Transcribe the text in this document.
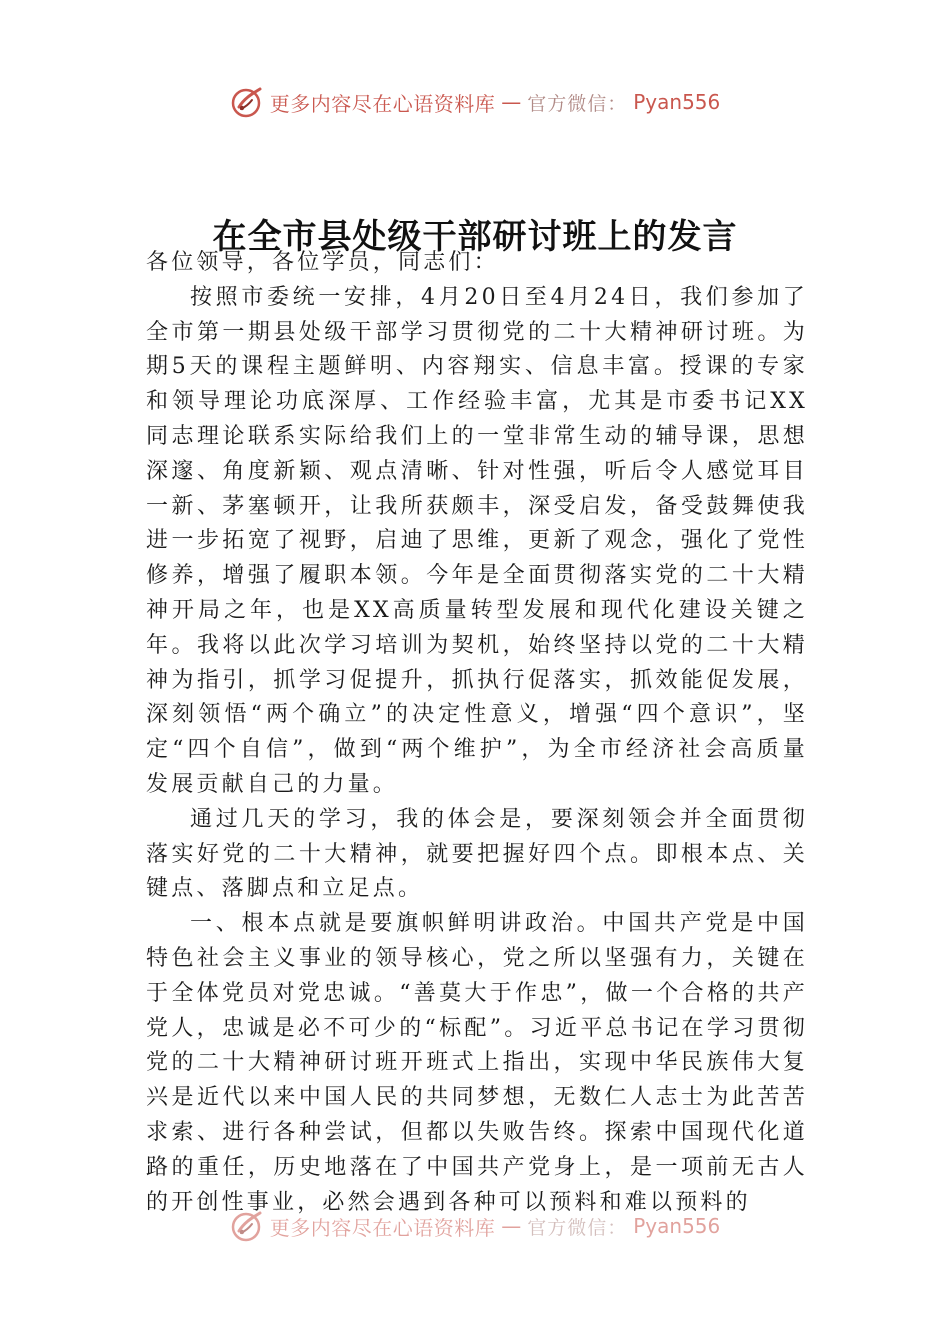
更多内容尽在心语资料库 — 官方微信： Pyan556
在全市县处级干部研讨班上的发言

各位领导，各位学员，同志们：

按照市委统一安排，4月20日至4月24日，我们参加了全市第一期县处级干部学习贯彻党的二十大精神研讨班。为期5天的课程主题鲜明、内容翔实、信息丰富。授课的专家和领导理论功底深厚、工作经验丰富，尤其是市委书记XX同志理论联系实际给我们上的一堂非常生动的辅导课，思想深邃、角度新颖、观点清晰、针对性强，听后令人感觉耳目一新、茅塞顿开，让我所获颇丰，深受启发，备受鼓舞使我进一步拓宽了视野，启迪了思维，更新了观念，强化了党性修养，增强了履职本领。今年是全面贯彻落实党的二十大精神开局之年，也是XX高质量转型发展和现代化建设关键之年。我将以此次学习培训为契机，始终坚持以党的二十大精神为指引，抓学习促提升，抓执行促落实，抓效能促发展，深刻领悟“两个确立”的决定性意义，增强“四个意识”，坚定“四个自信”，做到“两个维护”，为全市经济社会高质量发展贡献自己的力量。

通过几天的学习，我的体会是，要深刻领会并全面贯彻落实好党的二十大精神，就要把握好四个点。即根本点、关键点、落脚点和立足点。

一、根本点就是要旗帜鲜明讲政治。中国共产党是中国特色社会主义事业的领导核心，党之所以坚强有力，关键在于全体党员对党忠诚。“善莫大于作忠”，做一个合格的共产党人，忠诚是必不可少的“标配”。习近平总书记在学习贯彻党的二十大精神研讨班开班式上指出，实现中华民族伟大复兴是近代以来中国人民的共同梦想，无数仁人志士为此苦苦求索、进行各种尝试，但都以失败告终。探索中国现代化道路的重任，历史地落在了中国共产党身上，是一项前无古人的开创性事业，必然会遇到各种可以预料和难以预料的

更多内容尽在心语资料库 — 官方微信： Pyan556
